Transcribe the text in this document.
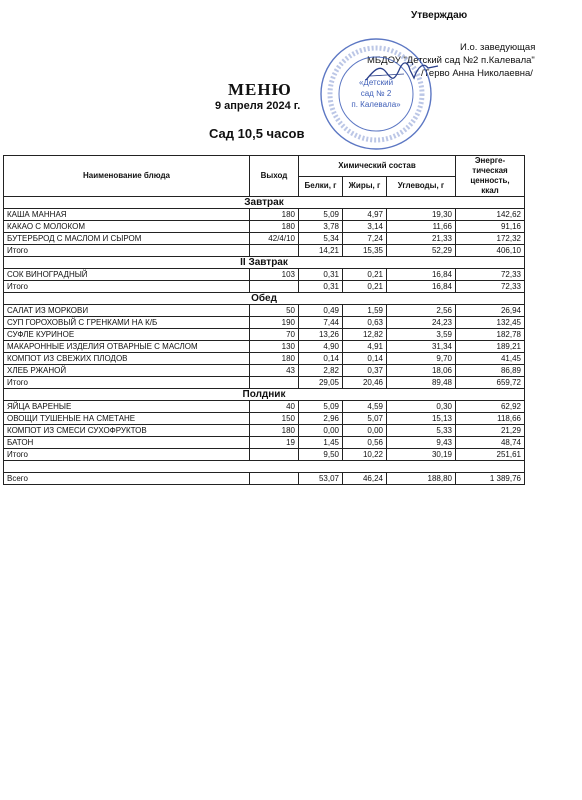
Утверждаю
И.о. заведующая
МБДОУ "Детский сад №2 п.Калевала"
/Терво Анна Николаевна/
«Детский
сад № 2
п. Калевала»
МЕНЮ
9 апреля 2024 г.
Сад 10,5 часов
Наименование блюда	Выход	Химический состав			Энерге-
тическая
ценность,
ккал
		Белки, г	Жиры, г	Углеводы, г	
Завтрак					
КАША МАННАЯ	180	5,09	4,97	19,30	142,62
КАКАО С МОЛОКОМ	180	3,78	3,14	11,66	91,16
БУТЕРБРОД С МАСЛОМ И СЫРОМ	42/4/10	5,34	7,24	21,33	172,32
Итого		14,21	15,35	52,29	406,10
II Завтрак					
СОК ВИНОГРАДНЫЙ	103	0,31	0,21	16,84	72,33
Итого		0,31	0,21	16,84	72,33
Обед					
САЛАТ ИЗ МОРКОВИ	50	0,49	1,59	2,56	26,94
СУП ГОРОХОВЫЙ С ГРЕНКАМИ НА К/Б	190	7,44	0,63	24,23	132,45
СУФЛЕ КУРИНОЕ	70	13,26	12,82	3,59	182,78
МАКАРОННЫЕ ИЗДЕЛИЯ ОТВАРНЫЕ С МАСЛОМ	130	4,90	4,91	31,34	189,21
КОМПОТ ИЗ СВЕЖИХ ПЛОДОВ	180	0,14	0,14	9,70	41,45
ХЛЕБ РЖАНОЙ	43	2,82	0,37	18,06	86,89
Итого		29,05	20,46	89,48	659,72
Полдник					
ЯЙЦА ВАРЕНЫЕ	40	5,09	4,59	0,30	62,92
ОВОЩИ ТУШЕНЫЕ НА СМЕТАНЕ	150	2,96	5,07	15,13	118,66
КОМПОТ ИЗ СМЕСИ СУХОФРУКТОВ	180	0,00	0,00	5,33	21,29
БАТОН	19	1,45	0,56	9,43	48,74
Итого		9,50	10,22	30,19	251,61

Всего		53,07	46,24	188,80	1 389,76
